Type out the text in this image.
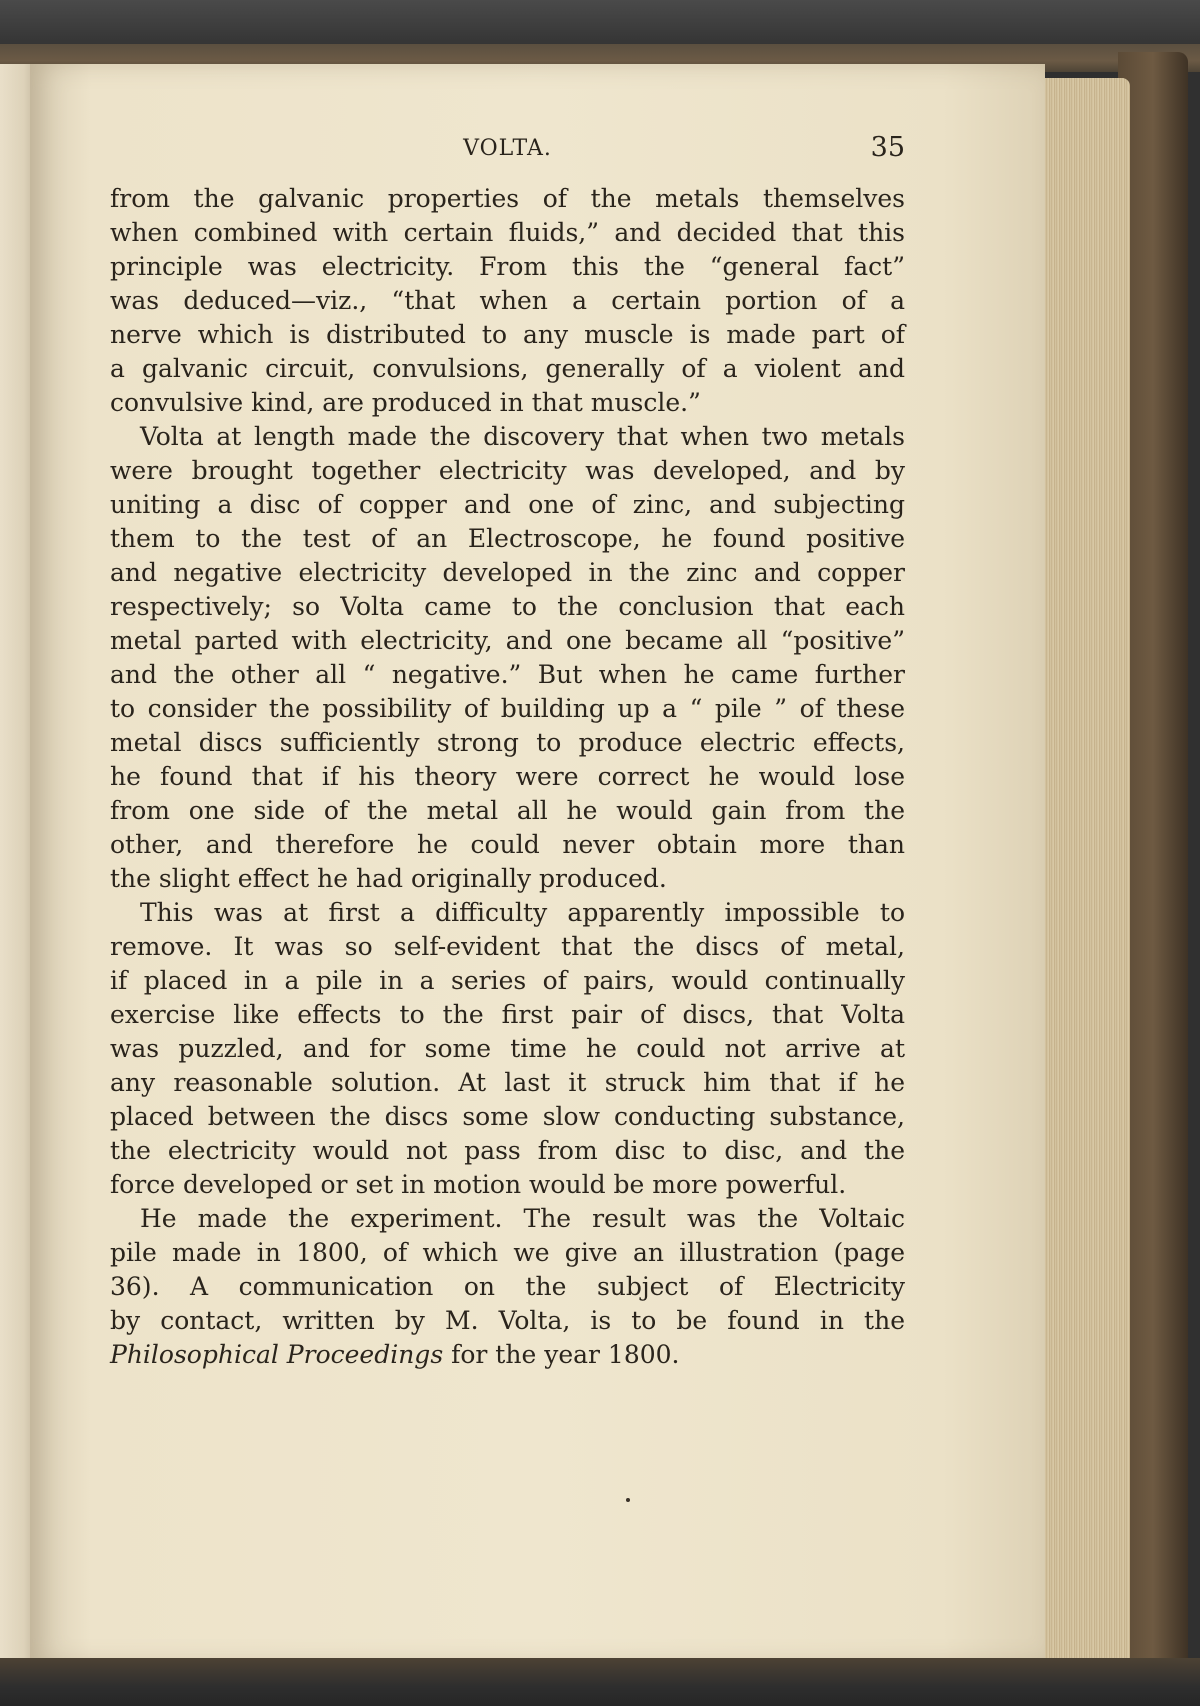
VOLTA.	35

from the galvanic properties of the metals themselves
when combined with certain fluids,” and decided that this
principle was electricity. From this the “general fact”
was deduced—viz., “that when a certain portion of a
nerve which is distributed to any muscle is made part of
a galvanic circuit, convulsions, generally of a violent and
convulsive kind, are produced in that muscle.”

Volta at length made the discovery that when two metals
were brought together electricity was developed, and by
uniting a disc of copper and one of zinc, and subjecting
them to the test of an Electroscope, he found positive
and negative electricity developed in the zinc and copper
respectively; so Volta came to the conclusion that each
metal parted with electricity, and one became all “positive”
and the other all “ negative.” But when he came further
to consider the possibility of building up a “ pile ” of these
metal discs sufficiently strong to produce electric effects,
he found that if his theory were correct he would lose
from one side of the metal all he would gain from the
other, and therefore he could never obtain more than
the slight effect he had originally produced.

This was at first a difficulty apparently impossible to
remove. It was so self-evident that the discs of metal,
if placed in a pile in a series of pairs, would continually
exercise like effects to the first pair of discs, that Volta
was puzzled, and for some time he could not arrive at
any reasonable solution. At last it struck him that if he
placed between the discs some slow conducting substance,
the electricity would not pass from disc to disc, and the
force developed or set in motion would be more powerful.

He made the experiment. The result was the Voltaic
pile made in 1800, of which we give an illustration (page
36). A communication on the subject of Electricity
by contact, written by M. Volta, is to be found in the
Philosophical Proceedings for the year 1800.
